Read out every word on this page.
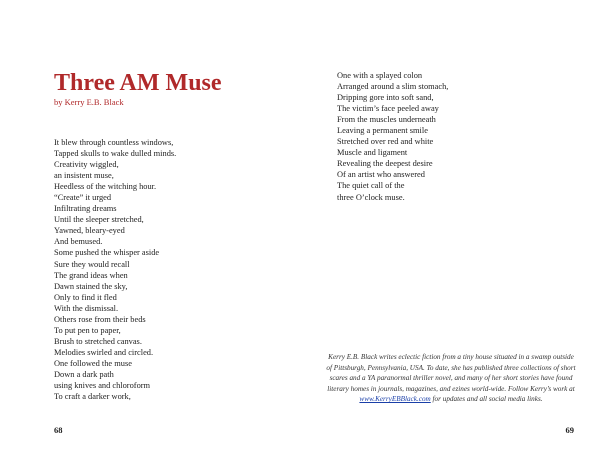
Three AM Muse
by Kerry E.B. Black
It blew through countless windows,
Tapped skulls to wake dulled minds.
Creativity wiggled,
an insistent muse,
Heedless of the witching hour.
“Create” it urged
Infiltrating dreams
Until the sleeper stretched,
Yawned, bleary-eyed
And bemused.
Some pushed the whisper aside
Sure they would recall
The grand ideas when
Dawn stained the sky,
Only to find it fled
With the dismissal.
Others rose from their beds
To put pen to paper,
Brush to stretched canvas.
Melodies swirled and circled.
One followed the muse
Down a dark path
using knives and chloroform
To craft a darker work,
68
One with a splayed colon
Arranged around a slim stomach,
Dripping gore into soft sand,
The victim’s face peeled away
From the muscles underneath
Leaving a permanent smile
Stretched over red and white
Muscle and ligament
Revealing the deepest desire
Of an artist who answered
The quiet call of the
three O’clock muse.

Kerry E.B. Black writes eclectic fiction from a tiny house situated in a swamp outside of Pittsburgh, Pennsylvania, USA. To date, she has published three collections of short scares and a YA paranormal thriller novel, and many of her short stories have found literary homes in journals, magazines, and ezines world-wide. Follow Kerry’s work at www.KerryEBBlack.com for updates and all social media links.

69
